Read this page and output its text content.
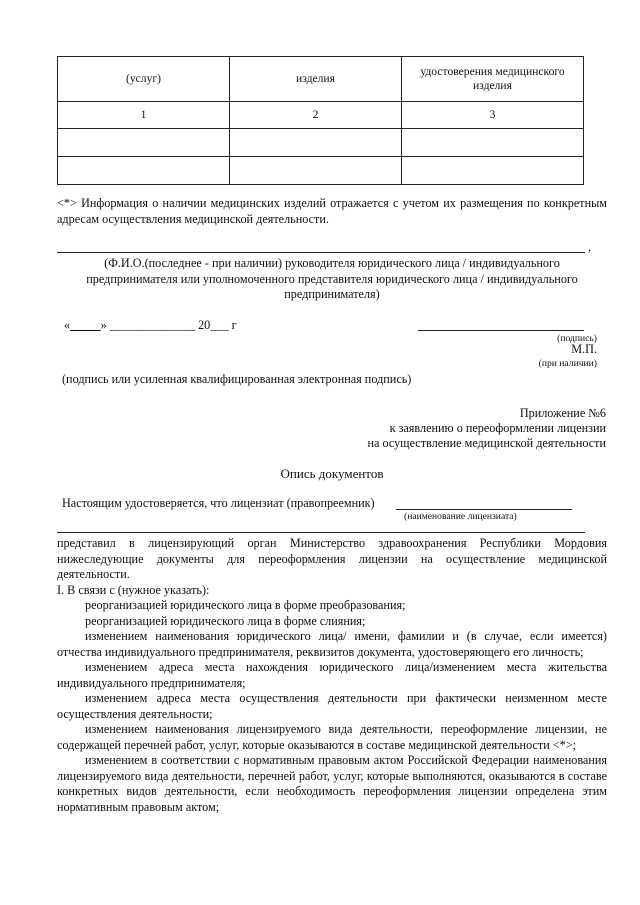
(услуг)	изделия	удостоверения медицинского изделия
1	2	3

<*> Информация о наличии медицинских изделий отражается с учетом их размещения по конкретным адресам осуществления медицинской деятельности.
,
(Ф.И.О.(последнее - при наличии) руководителя юридического лица / индивидуального предпринимателя или уполномоченного представителя юридического лица / индивидуального предпринимателя)
«_____» ______________ 20___ г
(подпись)
М.П.
(при наличии)
(подпись или усиленная квалифицированная электронная подпись)
Приложение №6
к заявлению о переоформлении лицензии
на осуществление медицинской деятельности
Опись документов
Настоящим удостоверяется, что лицензиат (правопреемник)
(наименование лицензиата)
представил в лицензирующий орган Министерство здравоохранения Республики Мордовия нижеследующие документы для переоформления лицензии на осуществление медицинской деятельности.
I. В связи с (нужное указать):
реорганизацией юридического лица в форме преобразования;
реорганизацией юридического лица в форме слияния;
изменением наименования юридического лица/ имени, фамилии и (в случае, если имеется) отчества индивидуального предпринимателя, реквизитов документа, удостоверяющего его личность;
изменением адреса места нахождения юридического лица/изменением места жительства индивидуального предпринимателя;
изменением адреса места осуществления деятельности при фактически неизменном месте осуществления деятельности;
изменением наименования лицензируемого вида деятельности, переоформление лицензии, не содержащей перечней работ, услуг, которые оказываются в составе медицинской деятельности <*>;
изменением в соответствии с нормативным правовым актом Российской Федерации наименования лицензируемого вида деятельности, перечней работ, услуг, которые выполняются, оказываются в составе конкретных видов деятельности, если необходимость переоформления лицензии определена этим нормативным правовым актом;
